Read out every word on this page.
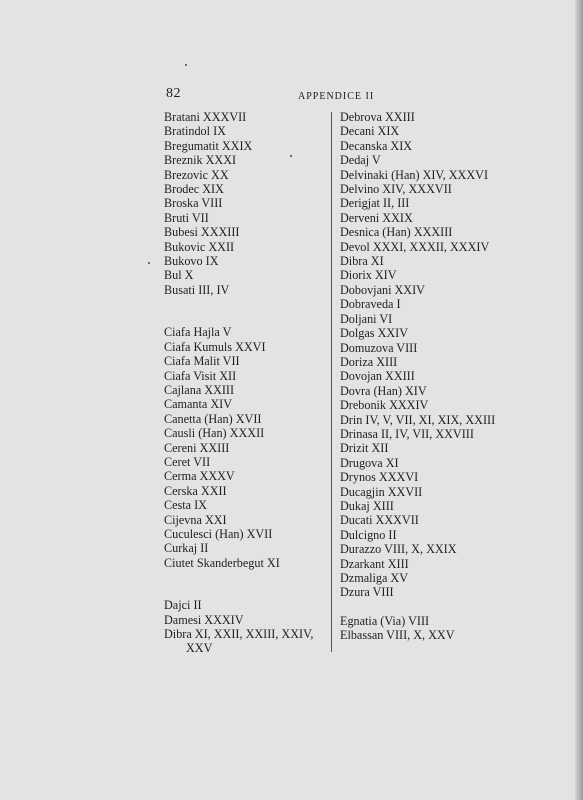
82	APPENDICE II
Bratani XXXVII
Bratindol IX
Bregumatit XXIX
Breznik XXXI
Brezovic XX
Brodec XIX
Broska VIII
Bruti VII
Bubesi XXXIII
Bukovic XXII
Bukovo IX
Bul X
Busati III, IV
Ciafa Hajla V
Ciafa Kumuls XXVI
Ciafa Malit VII
Ciafa Visit XII
Cajlana XXIII
Camanta XIV
Canetta (Han) XVII
Causli (Han) XXXII
Cereni XXIII
Ceret VII
Cerma XXXV
Cerska XXII
Cesta IX
Cijevna XXI
Cuculesci (Han) XVII
Curkaj II
Ciutet Skanderbegut XI
Dajci II
Damesi XXXIV
Dibra XI, XXII, XXIII, XXIV,
XXV
Debrova XXIII
Decani XIX
Decanska XIX
Dedaj V
Delvinaki (Han) XIV, XXXVI
Delvino XIV, XXXVII
Derigjat II, III
Derveni XXIX
Desnica (Han) XXXIII
Devol XXXI, XXXII, XXXIV
Dibra XI
Diorix XIV
Dobovjani XXIV
Dobraveda I
Doljani VI
Dolgas XXIV
Domuzova VIII
Doriza XIII
Dovojan XXIII
Dovra (Han) XIV
Drebonik XXXIV
Drin IV, V, VII, XI, XIX, XXIII
Drinasa II, IV, VII, XXVIII
Drizit XII
Drugova XI
Drynos XXXVI
Ducagjin XXVII
Dukaj XIII
Ducati XXXVII
Dulcigno II
Durazzo VIII, X, XXIX
Dzarkant XIII
Dzmaliga XV
Dzura VIII
Egnatia (Via) VIII
Elbassan VIII, X, XXV
